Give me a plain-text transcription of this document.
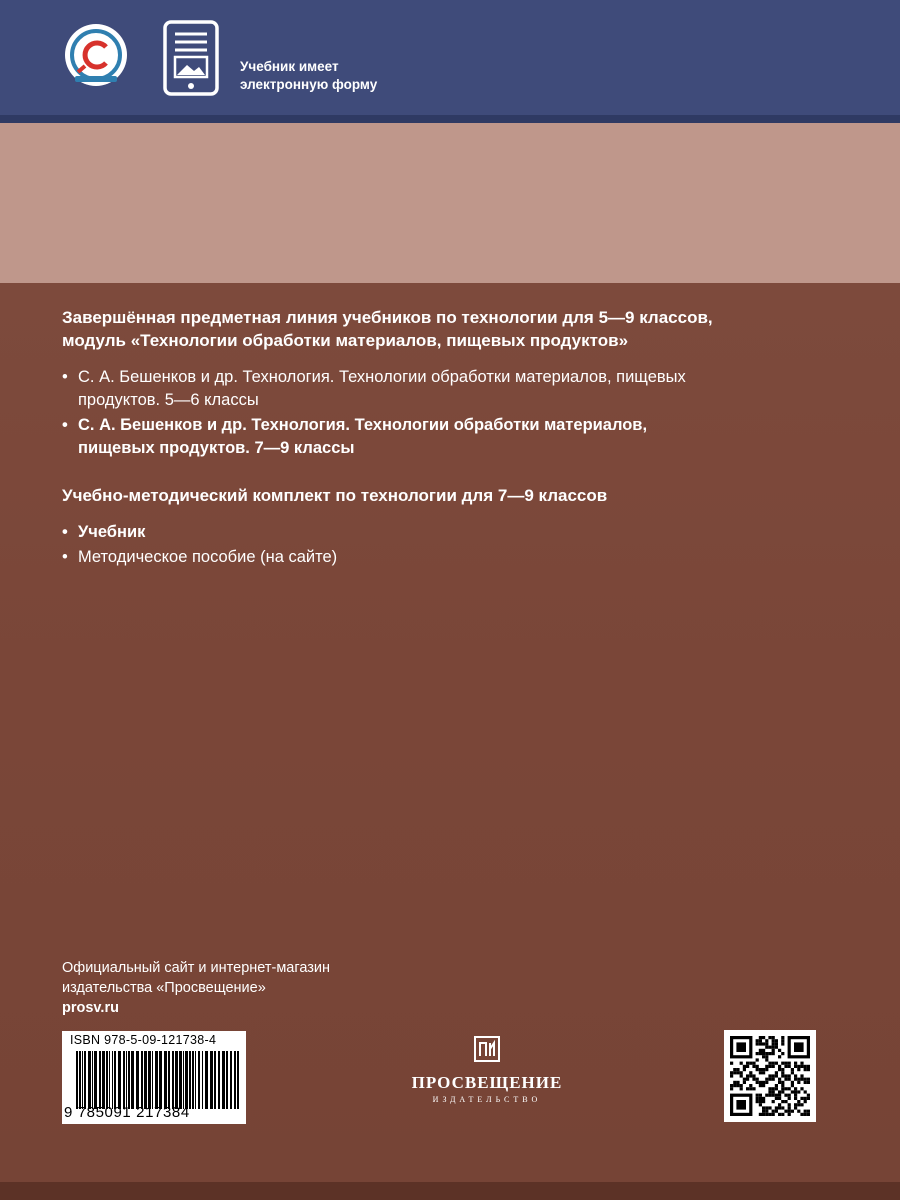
Учебник имеет
электронную форму
Завершённая предметная линия учебников по технологии для 5—9 классов,
модуль «Технологии обработки материалов, пищевых продуктов»
• С. А. Бешенков и др. Технология. Технологии обработки материалов, пищевых
продуктов. 5—6 классы
• С. А. Бешенков и др. Технология. Технологии обработки материалов,
пищевых продуктов. 7—9 классы
Учебно-методический комплект по технологии для 7—9 классов
• Учебник
• Методическое пособие (на сайте)
Официальный сайт и интернет-магазин
издательства «Просвещение»
prosv.ru
ISBN 978-5-09-121738-4
9 785091 217384
ПРОСВЕЩЕНИЕ
ИЗДАТЕЛЬСТВО
